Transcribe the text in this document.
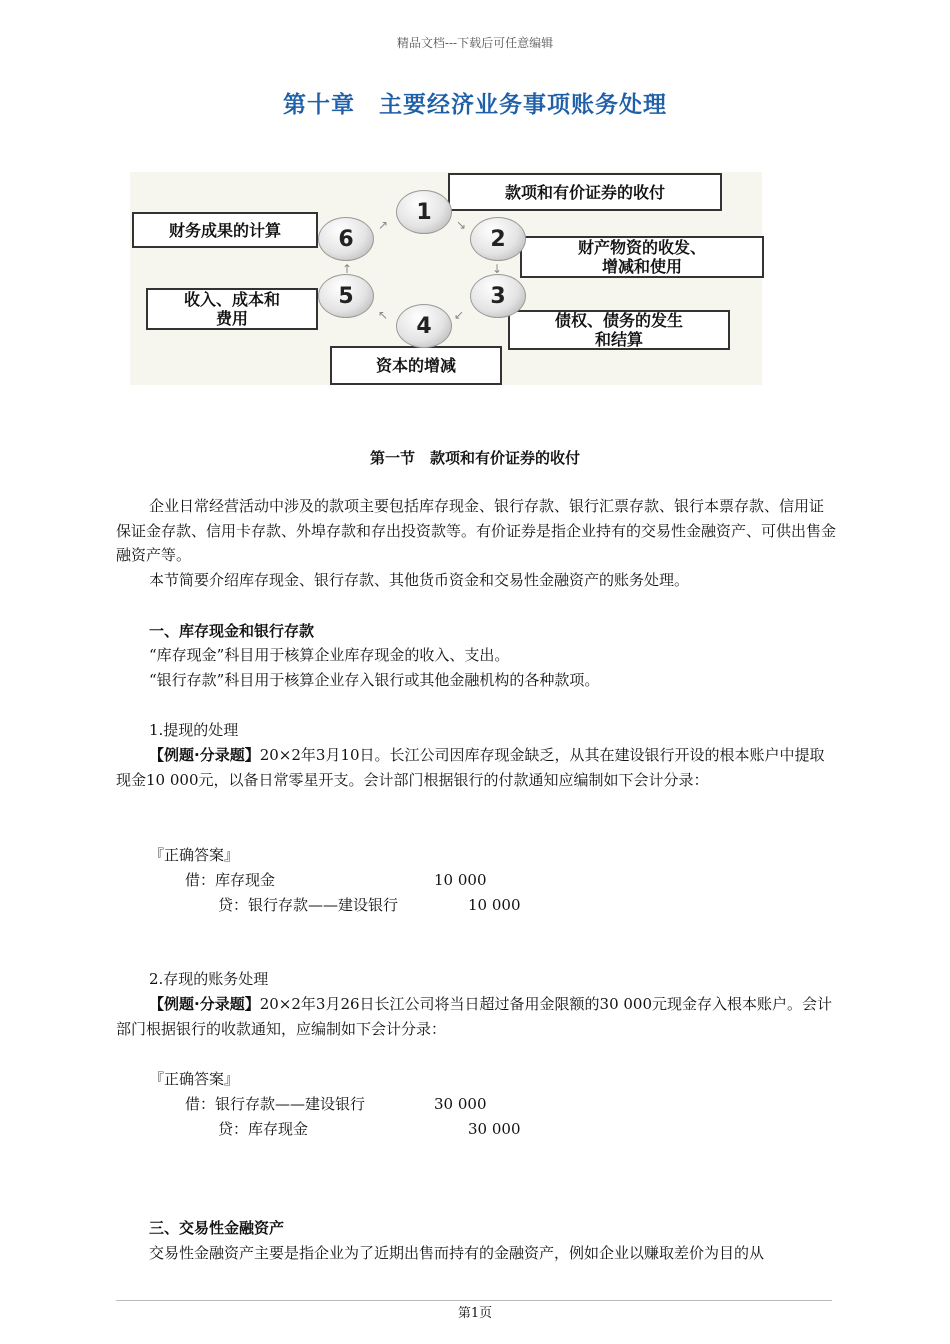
精品文档---下载后可任意编辑
第十章　主要经济业务事项账务处理
款项和有价证券的收付
财产物资的收发、
增减和使用
债权、债务的发生
和结算
资本的增减
收入、成本和
费用
财务成果的计算
1
2
3
4
5
6
↘
↓
↙
↖
↑
↗
第一节　款项和有价证券的收付
企业日常经营活动中涉及的款项主要包括库存现金、银行存款、银行汇票存款、银行本票存款、信用证保证金存款、信用卡存款、外埠存款和存出投资款等。有价证券是指企业持有的交易性金融资产、可供出售金融资产等。
本节简要介绍库存现金、银行存款、其他货币资金和交易性金融资产的账务处理。
一、库存现金和银行存款
“库存现金”科目用于核算企业库存现金的收入、支出。
“银行存款”科目用于核算企业存入银行或其他金融机构的各种款项。
1.提现的处理
【例题·分录题】20×2年3月10日。长江公司因库存现金缺乏，从其在建设银行开设的根本账户中提取现金10 000元，以备日常零星开支。会计部门根据银行的付款通知应编制如下会计分录：
『正确答案』
借：库存现金	10 000
贷：银行存款——建设银行	10 000
2.存现的账务处理
【例题·分录题】20×2年3月26日长江公司将当日超过备用金限额的30 000元现金存入根本账户。会计部门根据银行的收款通知，应编制如下会计分录：
『正确答案』
借：银行存款——建设银行	30 000
贷：库存现金	30 000
三、交易性金融资产
交易性金融资产主要是指企业为了近期出售而持有的金融资产，例如企业以赚取差价为目的从
第1页
